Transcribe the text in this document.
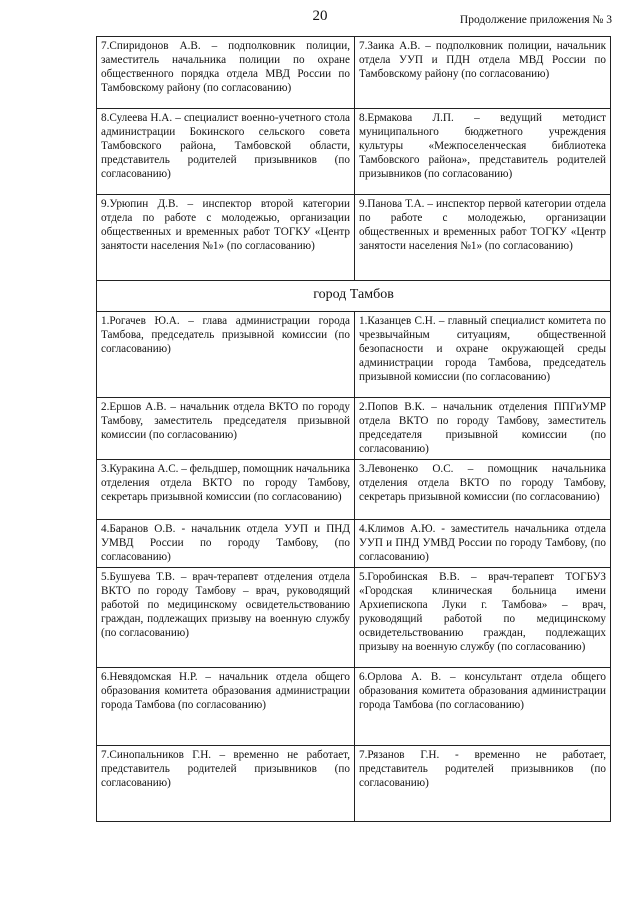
20	Продолжение приложения № 3
7.Спиридонов А.В. – подполковник полиции, заместитель начальника полиции по охране общественного порядка отдела МВД России по Тамбовскому району (по согласованию)	7.Заика А.В. – подполковник полиции, начальник отдела УУП и ПДН отдела МВД России по Тамбовскому району (по согласованию)
8.Сулеева Н.А. – специалист военно-учетного стола администрации Бокинского сельского совета Тамбовского района, Тамбовской области, представитель родителей призывников (по согласованию)	8.Ермакова Л.П. – ведущий методист муниципального бюджетного учреждения культуры «Межпоселенческая библиотека Тамбовского района», представитель родителей призывников (по согласованию)
9.Урюпин Д.В. – инспектор второй категории отдела по работе с молодежью, организации общественных и временных работ ТОГКУ «Центр занятости населения №1» (по согласованию)	9.Панова Т.А. – инспектор первой категории отдела по работе с молодежью, организации общественных и временных работ ТОГКУ «Центр занятости населения №1» (по согласованию)
город Тамбов	
1.Рогачев Ю.А. – глава администрации города Тамбова, председатель призывной комиссии (по согласованию)	1.Казанцев С.Н. – главный специалист комитета по чрезвычайным ситуациям, общественной безопасности и охране окружающей среды администрации города Тамбова, председатель призывной комиссии (по согласованию)
2.Ершов А.В. – начальник отдела ВКТО по городу Тамбову, заместитель председателя призывной комиссии (по согласованию)	2.Попов В.К. – начальник отделения ППГиУМР отдела ВКТО по городу Тамбову, заместитель председателя призывной комиссии (по согласованию)
3.Куракина А.С. – фельдшер, помощник начальника отделения отдела ВКТО по городу Тамбову, секретарь призывной комиссии (по согласованию)	3.Левоненко О.С. – помощник начальника отделения отдела ВКТО по городу Тамбову, секретарь призывной комиссии (по согласованию)
4.Баранов О.В. - начальник отдела УУП и ПНД УМВД России по городу Тамбову, (по согласованию)	4.Климов А.Ю. - заместитель начальника отдела УУП и ПНД УМВД России по городу Тамбову, (по согласованию)
5.Бушуева Т.В. – врач-терапевт отделения отдела ВКТО по городу Тамбову – врач, руководящий работой по медицинскому освидетельствованию граждан, подлежащих призыву на военную службу (по согласованию)	5.Горобинская В.В. – врач-терапевт ТОГБУЗ «Городская клиническая больница имени Архиепископа Луки г. Тамбова» – врач, руководящий работой по медицинскому освидетельствованию граждан, подлежащих призыву на военную службу (по согласованию)
6.Невядомская Н.Р. – начальник отдела общего образования комитета образования администрации города Тамбова (по согласованию)	6.Орлова А. В. – консультант отдела общего образования комитета образования администрации города Тамбова (по согласованию)
7.Синопальников Г.Н. – временно не работает, представитель родителей призывников (по согласованию)	7.Рязанов Г.Н. - временно не работает, представитель родителей призывников (по согласованию)
